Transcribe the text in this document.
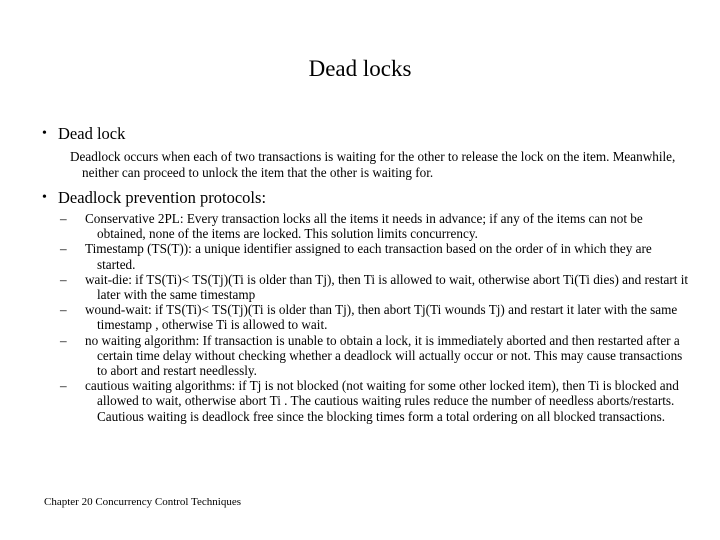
Dead locks
• Dead lock
Deadlock occurs when each of two transactions is waiting for the other to release the lock on the item. Meanwhile, neither can proceed to unlock the item that the other is waiting for.
• Deadlock prevention protocols:
–	Conservative 2PL: Every transaction locks all the items it needs in advance; if any of the items can not be obtained, none of the items are locked. This solution limits concurrency.
–	Timestamp (TS(T)): a unique identifier assigned to each transaction based on the order of in which they are started.
–	wait-die: if TS(Ti)< TS(Tj)(Ti is older than Tj), then Ti is allowed to wait, otherwise abort Ti(Ti dies) and restart it later with the same timestamp
–	wound-wait: if TS(Ti)< TS(Tj)(Ti is older than Tj), then abort Tj(Ti wounds Tj) and restart it later with the same timestamp , otherwise Ti is allowed to wait.
–	no waiting algorithm: If transaction is unable to obtain a lock, it is immediately aborted and then restarted after a certain time delay without checking whether a deadlock will actually occur or not. This may cause transactions to abort and restart needlessly.
–	cautious waiting algorithms: if Tj is not blocked (not waiting for some other locked item), then Ti is blocked and allowed to wait, otherwise abort Ti . The cautious waiting rules reduce the number of needless aborts/restarts. Cautious waiting is deadlock free since the blocking times form a total ordering on all blocked transactions.
Chapter 20 Concurrency Control Techniques
